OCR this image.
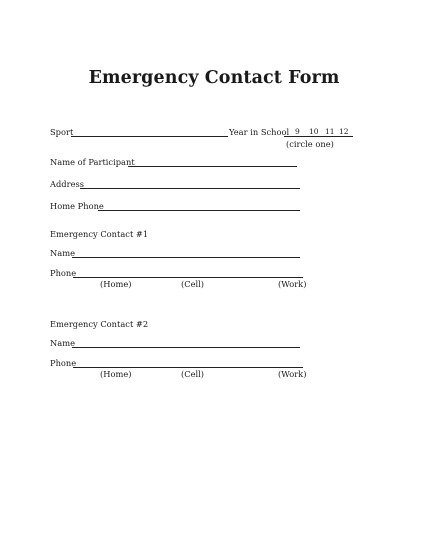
Emergency Contact Form
Sport	Year in School 9 10 11 12
(circle one)
Name of Participant
Address
Home Phone
Emergency Contact #1
Name
Phone
(Home)	(Cell)	(Work)
Emergency Contact #2
Name
Phone
(Home)	(Cell)	(Work)
